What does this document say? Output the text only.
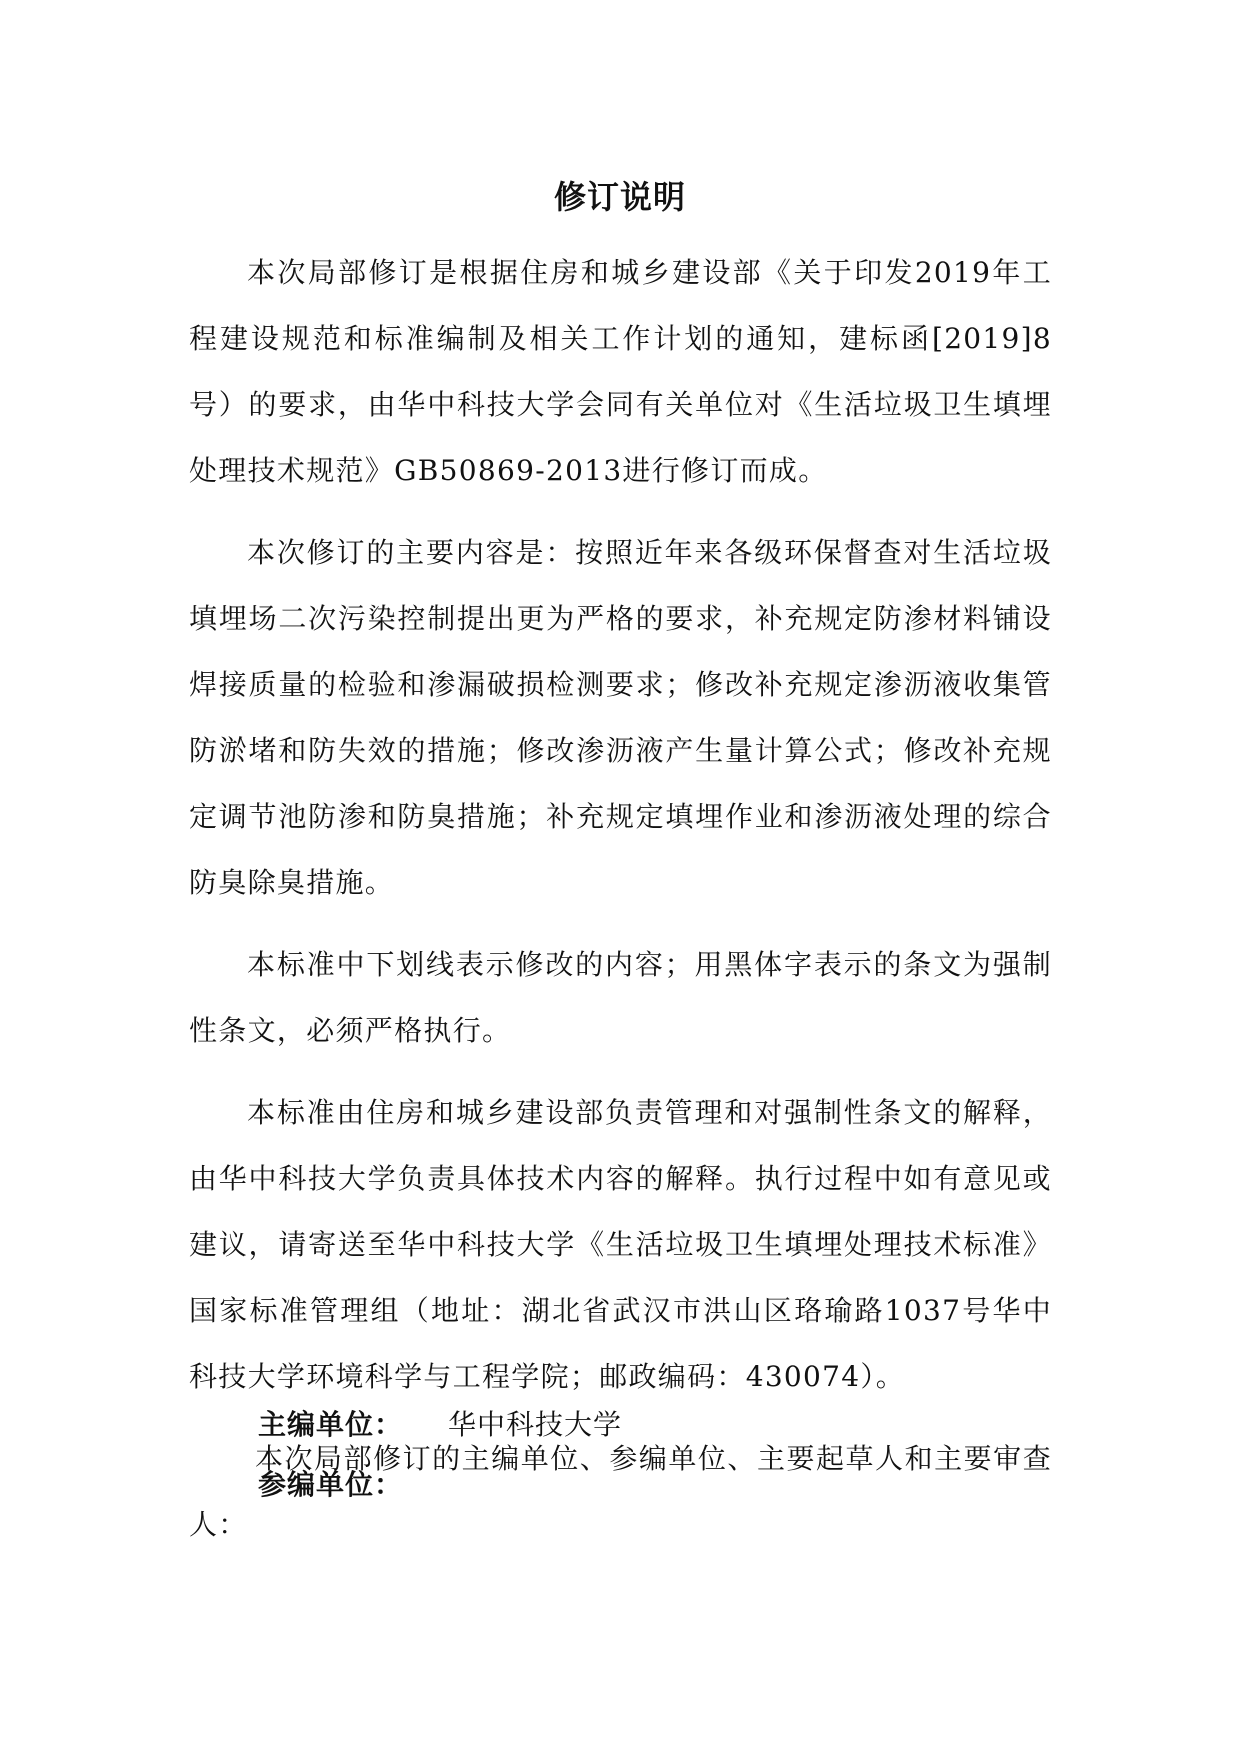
修订说明

本次局部修订是根据住房和城乡建设部《关于印发2019年工程建设规范和标准编制及相关工作计划的通知，建标函[2019]8号）的要求，由华中科技大学会同有关单位对《生活垃圾卫生填埋处理技术规范》GB50869-2013进行修订而成。

本次修订的主要内容是：按照近年来各级环保督查对生活垃圾填埋场二次污染控制提出更为严格的要求，补充规定防渗材料铺设焊接质量的检验和渗漏破损检测要求；修改补充规定渗沥液收集管防淤堵和防失效的措施；修改渗沥液产生量计算公式；修改补充规定调节池防渗和防臭措施；补充规定填埋作业和渗沥液处理的综合防臭除臭措施。

本标准中下划线表示修改的内容；用黑体字表示的条文为强制性条文，必须严格执行。

本标准由住房和城乡建设部负责管理和对强制性条文的解释，由华中科技大学负责具体技术内容的解释。执行过程中如有意见或建议，请寄送至华中科技大学《生活垃圾卫生填埋处理技术标准》国家标准管理组（地址：湖北省武汉市洪山区珞瑜路1037号华中科技大学环境科学与工程学院；邮政编码：430074）。

本次局部修订的主编单位、参编单位、主要起草人和主要审查人：

主编单位： 华中科技大学
参编单位：
